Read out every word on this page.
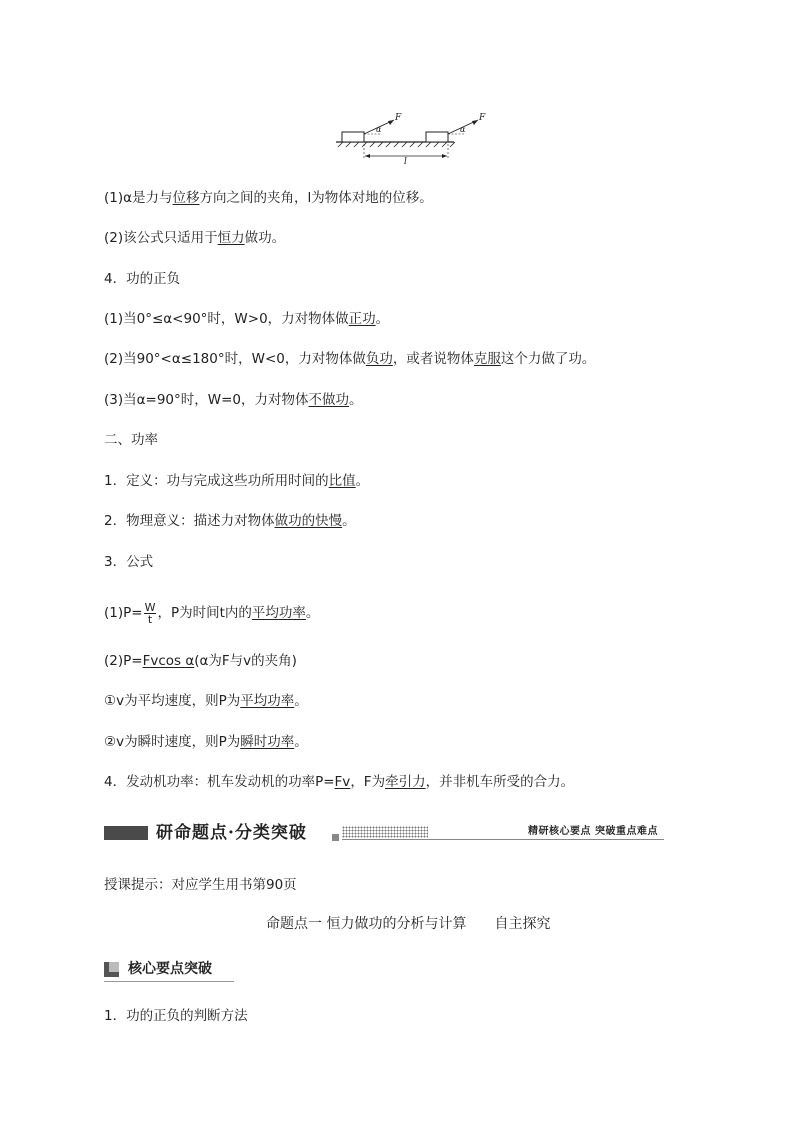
F
α
F
α
l
(1)α是力与位移方向之间的夹角，l为物体对地的位移。
(2)该公式只适用于恒力做功。
4．功的正负
(1)当0°≤α<90°时，W>0，力对物体做正功。
(2)当90°<α≤180°时，W<0，力对物体做负功，或者说物体克服这个力做了功。
(3)当α=90°时，W=0，力对物体不做功。
二、功率
1．定义：功与完成这些功所用时间的比值。
2．物理意义：描述力对物体做功的快慢。
3．公式
$(1)P= \frac{W}{t}$ ，P为时间t内的平均功率。
(2)P=Fvcos α(α为F与v的夹角)
①v为平均速度，则P为平均功率。
②v为瞬时速度，则P为瞬时功率。
4．发动机功率：机车发动机的功率P=Fv，F为牵引力，并非机车所受的合力。
研命题点·分类突破	精研核心要点 突破重点难点
授课提示：对应学生用书第90页
命题点一 恒力做功的分析与计算 自主探究
核心要点突破
1．功的正负的判断方法
